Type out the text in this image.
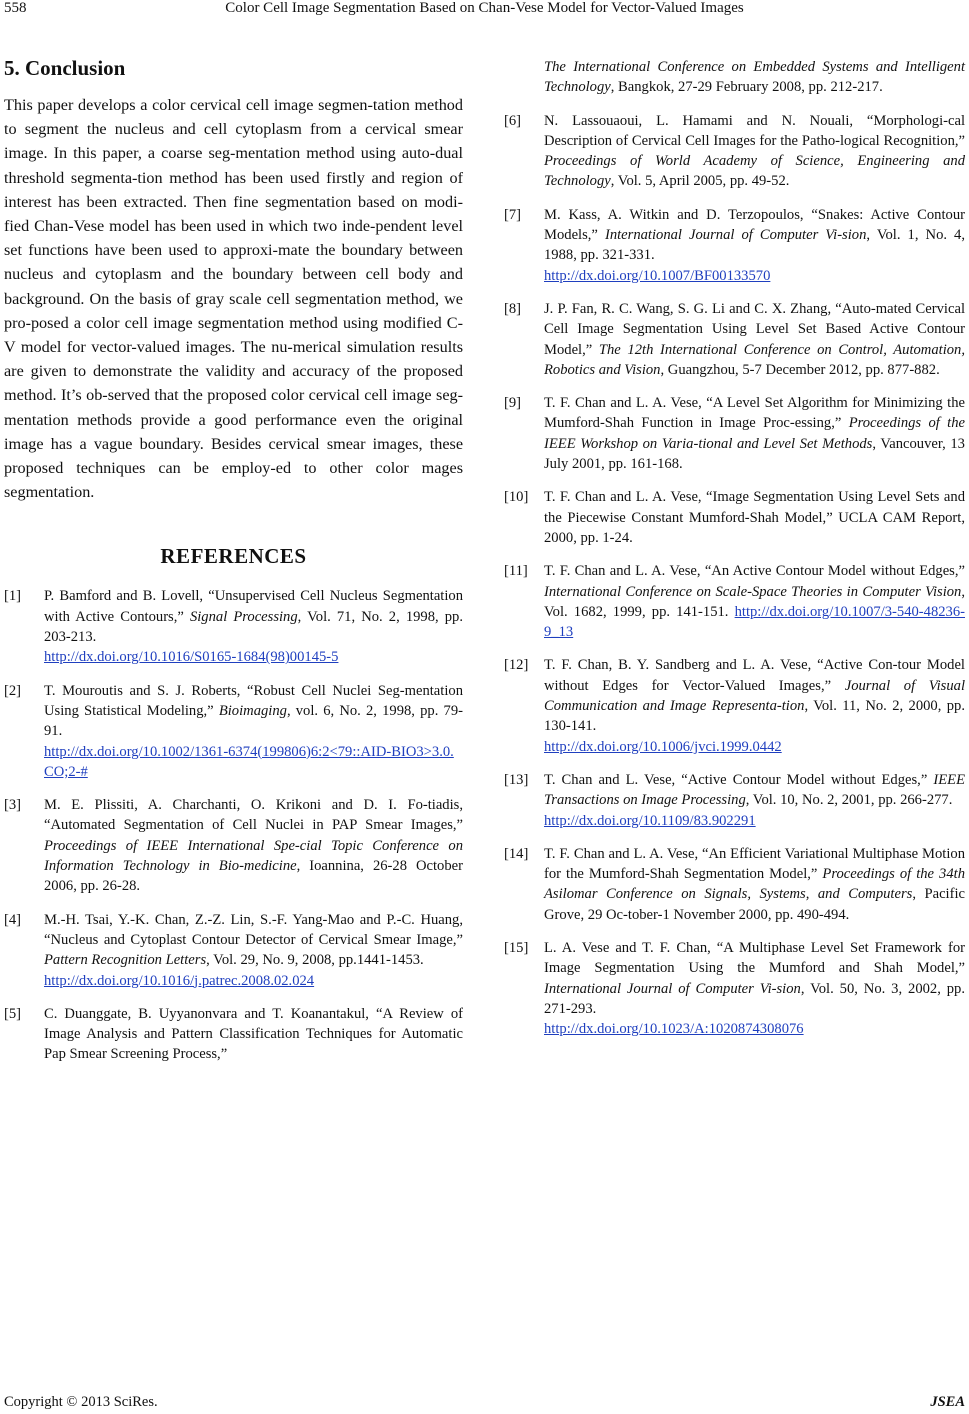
558	Color Cell Image Segmentation Based on Chan-Vese Model for Vector-Valued Images
5. Conclusion

This paper develops a color cervical cell image segmen-tation method to segment the nucleus and cell cytoplasm from a cervical smear image. In this paper, a coarse seg-mentation method using auto-dual threshold segmenta-tion method has been used firstly and region of interest has been extracted. Then fine segmentation based on modi-fied Chan-Vese model has been used in which two inde-pendent level set functions have been used to approxi-mate the boundary between nucleus and cytoplasm and the boundary between cell body and background. On the basis of gray scale cell segmentation method, we pro-posed a color cell image segmentation method using modified C-V model for vector-valued images. The nu-merical simulation results are given to demonstrate the validity and accuracy of the proposed method. It’s ob-served that the proposed color cervical cell image seg-mentation methods provide a good performance even the original image has a vague boundary. Besides cervical smear images, these proposed techniques can be employ-ed to other color mages segmentation.

REFERENCES
[1]	P. Bamford and B. Lovell, “Unsupervised Cell Nucleus Segmentation with Active Contours,” Signal Processing, Vol. 71, No. 2, 1998, pp. 203-213.
http://dx.doi.org/10.1016/S0165-1684(98)00145-5
[2]	T. Mouroutis and S. J. Roberts, “Robust Cell Nuclei Seg-mentation Using Statistical Modeling,” Bioimaging, vol. 6, No. 2, 1998, pp. 79-91.
http://dx.doi.org/10.1002/1361-6374(199806)6:2<79::AID-BIO3>3.0.CO;2-#
[3]	M. E. Plissiti, A. Charchanti, O. Krikoni and D. I. Fo-tiadis, “Automated Segmentation of Cell Nuclei in PAP Smear Images,” Proceedings of IEEE International Spe-cial Topic Conference on Information Technology in Bio-medicine, Ioannina, 26-28 October 2006, pp. 26-28.
[4]	M.-H. Tsai, Y.-K. Chan, Z.-Z. Lin, S.-F. Yang-Mao and P.-C. Huang, “Nucleus and Cytoplast Contour Detector of Cervical Smear Image,” Pattern Recognition Letters, Vol. 29, No. 9, 2008, pp.1441-1453.
http://dx.doi.org/10.1016/j.patrec.2008.02.024
[5]	C. Duanggate, B. Uyyanonvara and T. Koanantakul, “A Review of Image Analysis and Pattern Classification Techniques for Automatic Pap Smear Screening Process,”
The International Conference on Embedded Systems and Intelligent Technology, Bangkok, 27-29 February 2008, pp. 212-217.
[6]	N. Lassouaoui, L. Hamami and N. Nouali, “Morphologi-cal Description of Cervical Cell Images for the Patho-logical Recognition,” Proceedings of World Academy of Science, Engineering and Technology, Vol. 5, April 2005, pp. 49-52.
[7]	M. Kass, A. Witkin and D. Terzopoulos, “Snakes: Active Contour Models,” International Journal of Computer Vi-sion, Vol. 1, No. 4, 1988, pp. 321-331.
http://dx.doi.org/10.1007/BF00133570
[8]	J. P. Fan, R. C. Wang, S. G. Li and C. X. Zhang, “Auto-mated Cervical Cell Image Segmentation Using Level Set Based Active Contour Model,” The 12th International Conference on Control, Automation, Robotics and Vision, Guangzhou, 5-7 December 2012, pp. 877-882.
[9]	T. F. Chan and L. A. Vese, “A Level Set Algorithm for Minimizing the Mumford-Shah Function in Image Proc-essing,” Proceedings of the IEEE Workshop on Varia-tional and Level Set Methods, Vancouver, 13 July 2001, pp. 161-168.
[10]	T. F. Chan and L. A. Vese, “Image Segmentation Using Level Sets and the Piecewise Constant Mumford-Shah Model,” UCLA CAM Report, 2000, pp. 1-24.
[11]	T. F. Chan and L. A. Vese, “An Active Contour Model without Edges,” International Conference on Scale-Space Theories in Computer Vision, Vol. 1682, 1999, pp. 141-151. http://dx.doi.org/10.1007/3-540-48236-9_13
[12]	T. F. Chan, B. Y. Sandberg and L. A. Vese, “Active Con-tour Model without Edges for Vector-Valued Images,” Journal of Visual Communication and Image Representa-tion, Vol. 11, No. 2, 2000, pp. 130-141.
http://dx.doi.org/10.1006/jvci.1999.0442
[13]	T. Chan and L. Vese, “Active Contour Model without Edges,” IEEE Transactions on Image Processing, Vol. 10, No. 2, 2001, pp. 266-277.
http://dx.doi.org/10.1109/83.902291
[14]	T. F. Chan and L. A. Vese, “An Efficient Variational Multiphase Motion for the Mumford-Shah Segmentation Model,” Proceedings of the 34th Asilomar Conference on Signals, Systems, and Computers, Pacific Grove, 29 Oc-tober-1 November 2000, pp. 490-494.
[15]	L. A. Vese and T. F. Chan, “A Multiphase Level Set Framework for Image Segmentation Using the Mumford and Shah Model,” International Journal of Computer Vi-sion, Vol. 50, No. 3, 2002, pp. 271-293.
http://dx.doi.org/10.1023/A:1020874308076
Copyright © 2013 SciRes.	JSEA
